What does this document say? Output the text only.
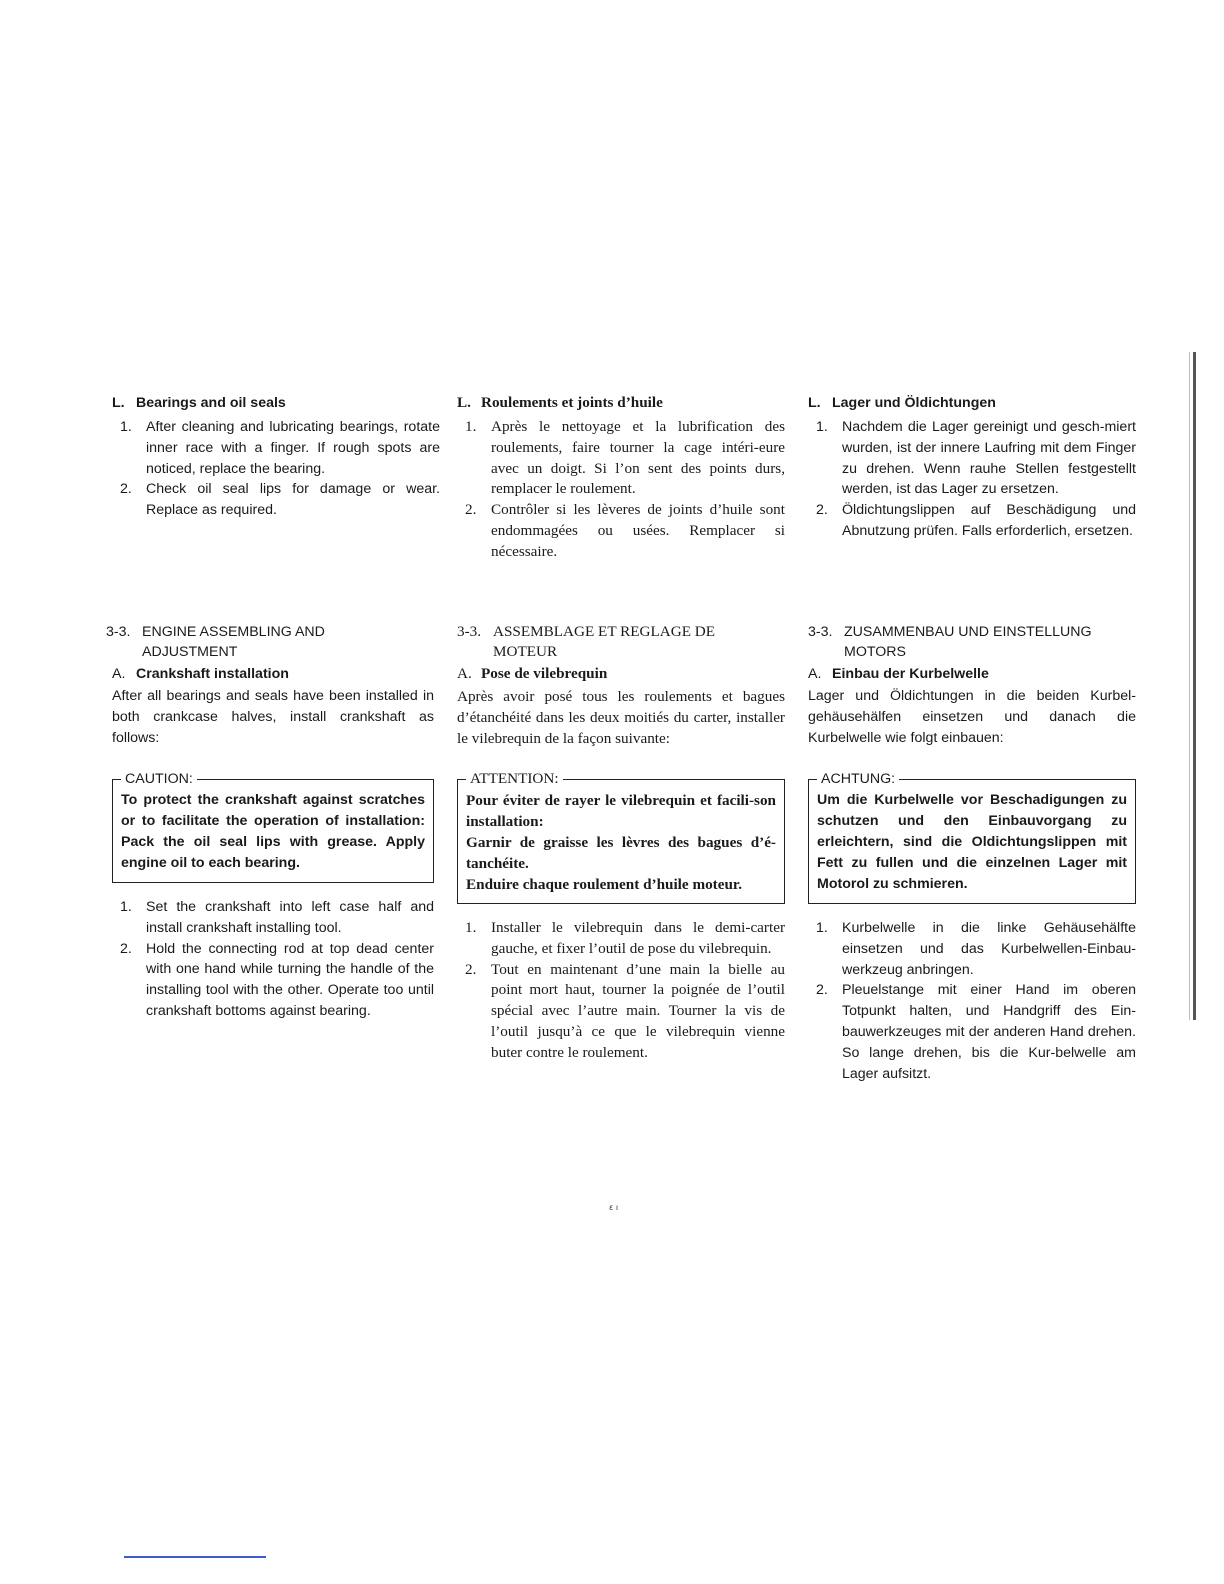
L. Bearings and oil seals

1. After cleaning and lubricating bearings, rotate inner race with a finger. If rough spots are noticed, replace the bearing.
2. Check oil seal lips for damage or wear. Replace as required.

L. Roulements et joints d’huile

1. Après le nettoyage et la lubrification des roulements, faire tourner la cage intéri-eure avec un doigt. Si l’on sent des points durs, remplacer le roulement.
2. Contrôler si les lèveres de joints d’huile sont endommagées ou usées. Remplacer si nécessaire.

L. Lager und Öldichtungen

1. Nachdem die Lager gereinigt und gesch-miert wurden, ist der innere Laufring mit dem Finger zu drehen. Wenn rauhe Stellen festgestellt werden, ist das Lager zu ersetzen.
2. Öldichtungslippen auf Beschädigung und Abnutzung prüfen. Falls erforderlich, ersetzen.

3-3. ENGINE ASSEMBLING AND
ADJUSTMENT

A. Crankshaft installation

After all bearings and seals have been installed in both crankcase halves, install crankshaft as follows:

CAUTION:

To protect the crankshaft against scratches or to facilitate the operation of installation: Pack the oil seal lips with grease. Apply engine oil to each bearing.

1. Set the crankshaft into left case half and install crankshaft installing tool.
2. Hold the connecting rod at top dead center with one hand while turning the handle of the installing tool with the other. Operate too until crankshaft bottoms against bearing.

3-3. ASSEMBLAGE ET REGLAGE DE
MOTEUR

A. Pose de vilebrequin

Après avoir posé tous les roulements et bagues d’étanchéité dans les deux moitiés du carter, installer le vilebrequin de la façon suivante:

ATTENTION:

Pour éviter de rayer le vilebrequin et facili-son installation:

Garnir de graisse les lèvres des bagues d’é-tanchéite.

Enduire chaque roulement d’huile moteur.

1. Installer le vilebrequin dans le demi-carter gauche, et fixer l’outil de pose du vilebrequin.
2. Tout en maintenant d’une main la bielle au point mort haut, tourner la poignée de l’outil spécial avec l’autre main. Tourner la vis de l’outil jusqu’à ce que le vilebrequin vienne buter contre le roulement.

3-3. ZUSAMMENBAU UND EINSTELLUNG
MOTORS

A. Einbau der Kurbelwelle

Lager und Öldichtungen in die beiden Kurbel-gehäusehälfen einsetzen und danach die Kurbelwelle wie folgt einbauen:

ACHTUNG:

Um die Kurbelwelle vor Beschadigungen zu schutzen und den Einbauvorgang zu erleichtern, sind die Oldichtungslippen mit Fett zu fullen und die einzelnen Lager mit Motorol zu schmieren.

1. Kurbelwelle in die linke Gehäusehälfte einsetzen und das Kurbelwellen-Einbau-werkzeug anbringen.
2. Pleuelstange mit einer Hand im oberen Totpunkt halten, und Handgriff des Ein-bauwerkzeuges mit der anderen Hand drehen. So lange drehen, bis die Kur-belwelle am Lager aufsitzt.
ε ı
